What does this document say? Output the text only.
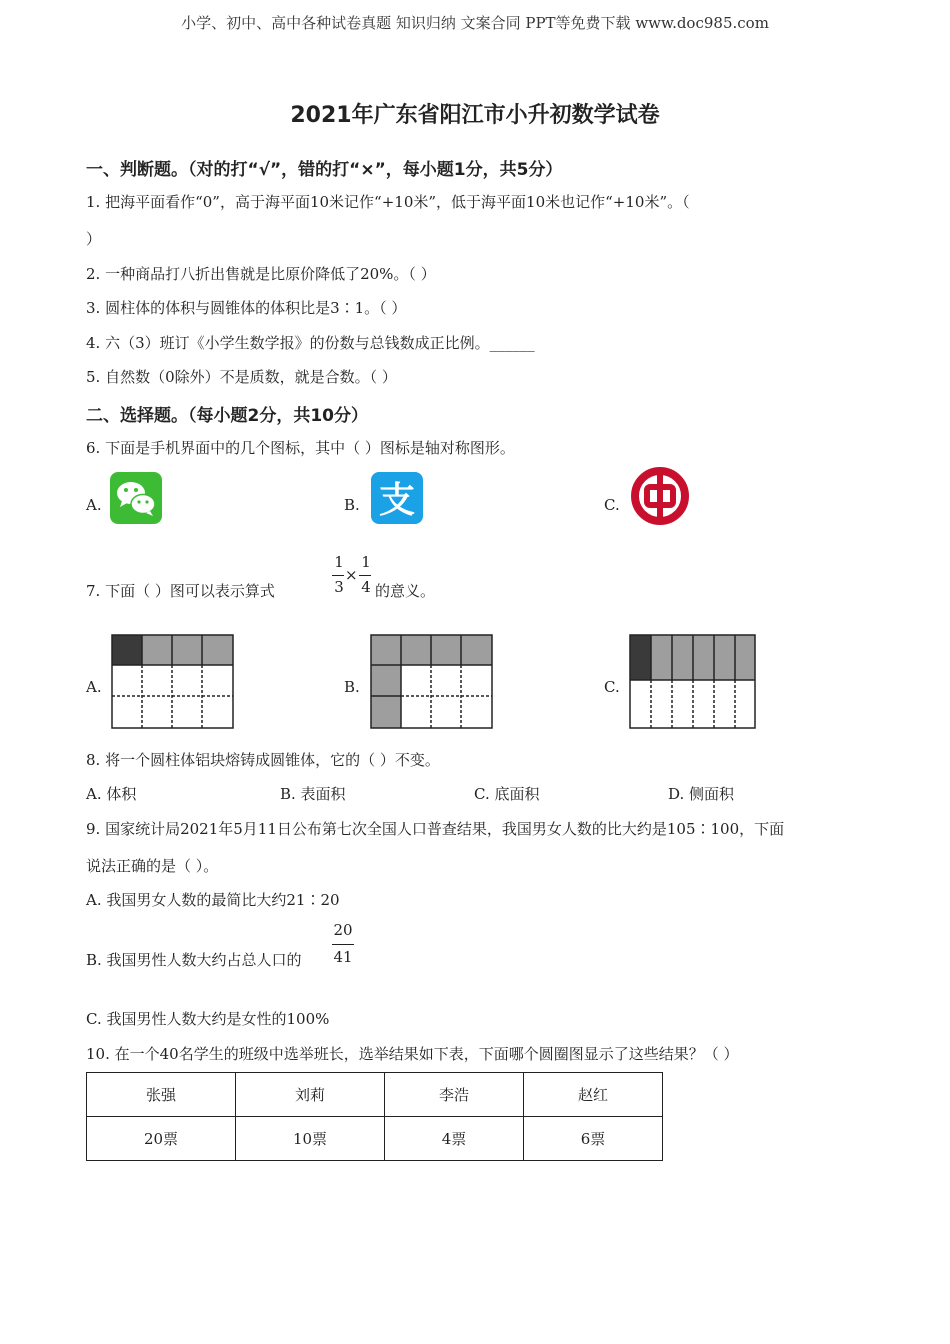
小学、初中、高中各种试卷真题 知识归纳 文案合同 PPT等免费下载 www.doc985.com
2021年广东省阳江市小升初数学试卷
一、判断题。（对的打“√”，错的打“×”，每小题1分，共5分）
1. 把海平面看作“0”，高于海平面10米记作“+10米”，低于海平面10米也记作“+10米”。（
）
2. 一种商品打八折出售就是比原价降低了20%。（ ）
3. 圆柱体的体积与圆锥体的体积比是3∶1。（ ）
4. 六（3）班订《小学生数学报》的份数与总钱数成正比例。______
5. 自然数（0除外）不是质数，就是合数。（ ）
二、选择题。（每小题2分，共10分）
6. 下面是手机界面中的几个图标，其中（ ）图标是轴对称图形。
A.	B. 支	C.
7. 下面（ ）图可以表示算式
1
3
×
1
4 的意义。
A.	B.	C.
8. 将一个圆柱体铝块熔铸成圆锥体，它的（ ）不变。
A. 体积	B. 表面积	C. 底面积	D. 侧面积
9. 国家统计局2021年5月11日公布第七次全国人口普查结果，我国男女人数的比大约是105∶100，下面
说法正确的是（ ）。
A. 我国男女人数的最简比大约21∶20
B. 我国男性人数大约占总人口的
20
41
C. 我国男性人数大约是女性的100%
10. 在一个40名学生的班级中选举班长，选举结果如下表，下面哪个圆圈图显示了这些结果？（ ）
张强	刘莉	李浩	赵红
20票	10票	4票	6票
